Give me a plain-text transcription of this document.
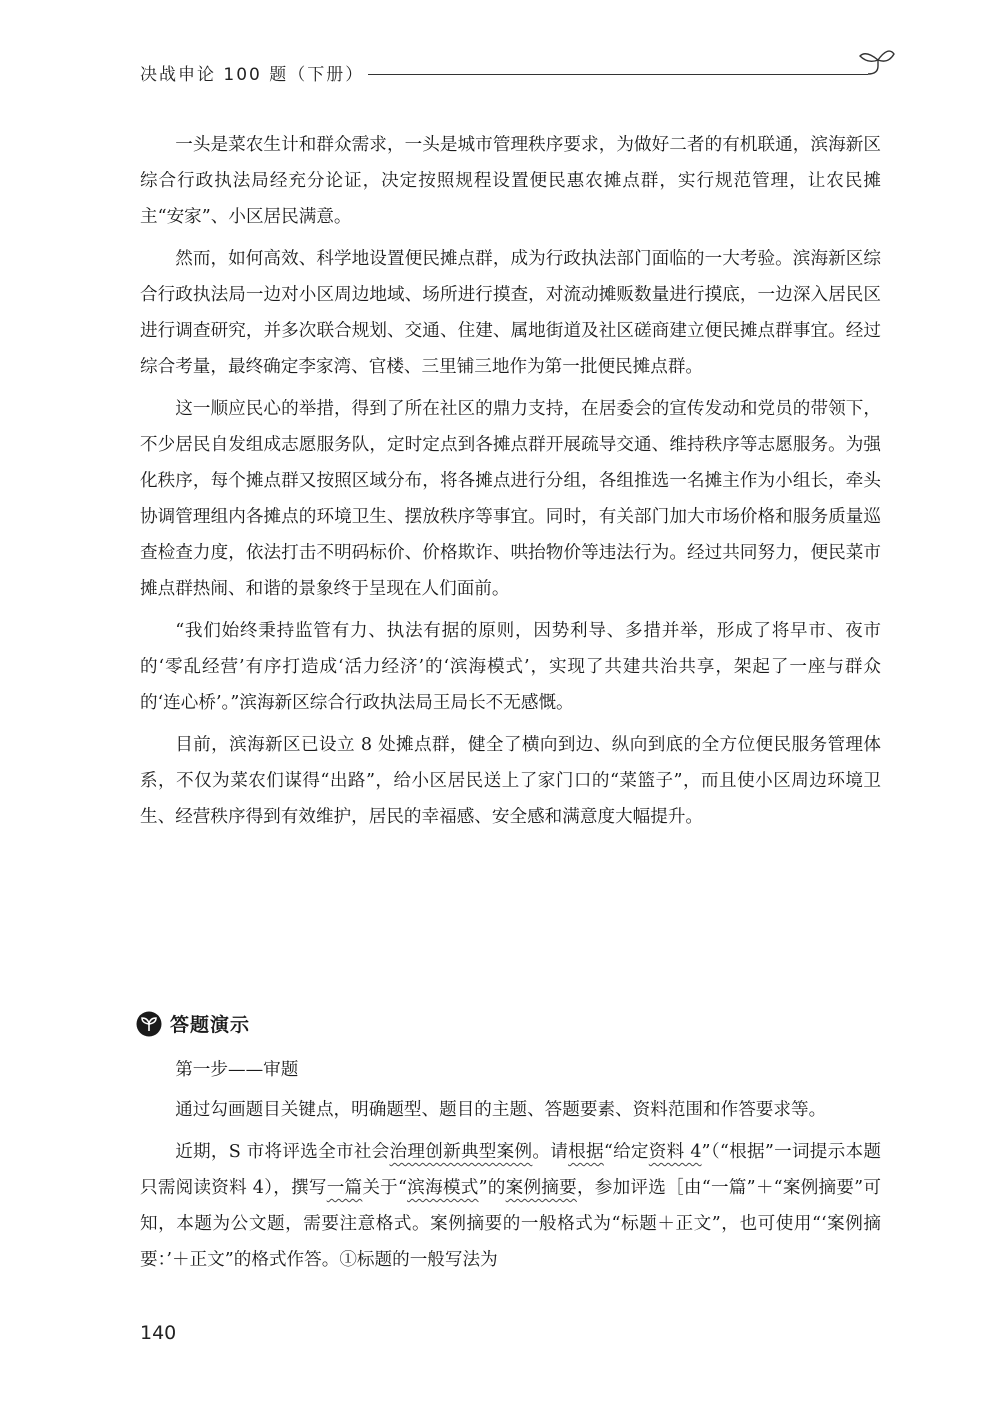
决战申论 100 题（下册）

一头是菜农生计和群众需求，一头是城市管理秩序要求，为做好二者的有机联通，滨海新区综合行政执法局经充分论证，决定按照规程设置便民惠农摊点群，实行规范管理，让农民摊主“安家”、小区居民满意。

然而，如何高效、科学地设置便民摊点群，成为行政执法部门面临的一大考验。滨海新区综合行政执法局一边对小区周边地域、场所进行摸查，对流动摊贩数量进行摸底，一边深入居民区进行调查研究，并多次联合规划、交通、住建、属地街道及社区磋商建立便民摊点群事宜。经过综合考量，最终确定李家湾、官楼、三里铺三地作为第一批便民摊点群。

这一顺应民心的举措，得到了所在社区的鼎力支持，在居委会的宣传发动和党员的带领下，不少居民自发组成志愿服务队，定时定点到各摊点群开展疏导交通、维持秩序等志愿服务。为强化秩序，每个摊点群又按照区域分布，将各摊点进行分组，各组推选一名摊主作为小组长，牵头协调管理组内各摊点的环境卫生、摆放秩序等事宜。同时，有关部门加大市场价格和服务质量巡查检查力度，依法打击不明码标价、价格欺诈、哄抬物价等违法行为。经过共同努力，便民菜市摊点群热闹、和谐的景象终于呈现在人们面前。

“我们始终秉持监管有力、执法有据的原则，因势利导、多措并举，形成了将早市、夜市的‘零乱经营’有序打造成‘活力经济’的‘滨海模式’，实现了共建共治共享，架起了一座与群众的‘连心桥’。”滨海新区综合行政执法局王局长不无感慨。

目前，滨海新区已设立 8 处摊点群，健全了横向到边、纵向到底的全方位便民服务管理体系，不仅为菜农们谋得“出路”，给小区居民送上了家门口的“菜篮子”，而且使小区周边环境卫生、经营秩序得到有效维护，居民的幸福感、安全感和满意度大幅提升。

答题演示

第一步——审题

通过勾画题目关键点，明确题型、题目的主题、答题要素、资料范围和作答要求等。

近期，S 市将评选全市社会治理创新典型案例。请根据“给定资料 4”（“根据”一词提示本题只需阅读资料 4），撰写一篇关于“滨海模式”的案例摘要，参加评选［由“一篇”＋“案例摘要”可知，本题为公文题，需要注意格式。案例摘要的一般格式为“标题＋正文”，也可使用“‘案例摘要：’＋正文”的格式作答。①标题的一般写法为

140
